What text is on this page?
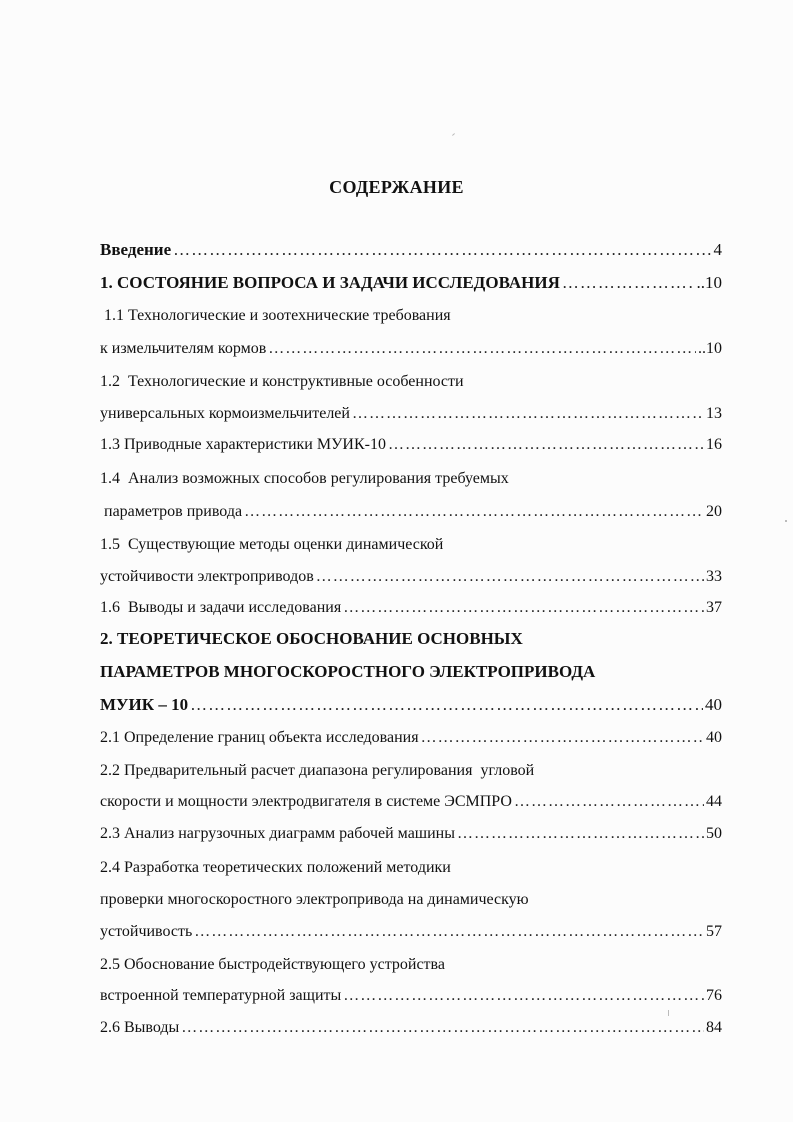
СОДЕРЖАНИЕ
Введение ……………………………………………………………………………………………………………………………………………………………	4
1. СОСТОЯНИЕ ВОПРОСА И ЗАДАЧИ ИССЛЕДОВАНИЯ ……………………………………………………………………………………………………………………………………………………………	..10
1.1 Технологические и зоотехнические требования
к измельчителям кормов ……………………………………………………………………………………………………………………………………………………………	..10
1.2  Технологические и конструктивные особенности
универсальных кормоизмельчителей ……………………………………………………………………………………………………………………………………………………………	13
1.3 Приводные характеристики МУИК-10 ……………………………………………………………………………………………………………………………………………………………	16
1.4  Анализ возможных способов регулирования требуемых
параметров привода ……………………………………………………………………………………………………………………………………………………………	20
1.5  Существующие методы оценки динамической
устойчивости электроприводов ……………………………………………………………………………………………………………………………………………………………	33
1.6  Выводы и задачи исследования ……………………………………………………………………………………………………………………………………………………………	37
2. ТЕОРЕТИЧЕСКОЕ ОБОСНОВАНИЕ ОСНОВНЫХ
ПАРАМЕТРОВ МНОГОСКОРОСТНОГО ЭЛЕКТРОПРИВОДА
МУИК – 10 ……………………………………………………………………………………………………………………………………………………………	40
2.1 Определение границ объекта исследования ……………………………………………………………………………………………………………………………………………………………	40
2.2 Предварительный расчет диапазона регулирования  угловой
скорости и мощности электродвигателя в системе ЭСМПРО ……………………………………………………………………………………………………………………………………………………………	44
2.3 Анализ нагрузочных диаграмм рабочей машины ……………………………………………………………………………………………………………………………………………………………	50
2.4 Разработка теоретических положений методики
проверки многоскоростного электропривода на динамическую
устойчивость ……………………………………………………………………………………………………………………………………………………………	57
2.5 Обоснование быстродействующего устройства
встроенной температурной защиты ……………………………………………………………………………………………………………………………………………………………	76
2.6 Выводы ……………………………………………………………………………………………………………………………………………………………	84
